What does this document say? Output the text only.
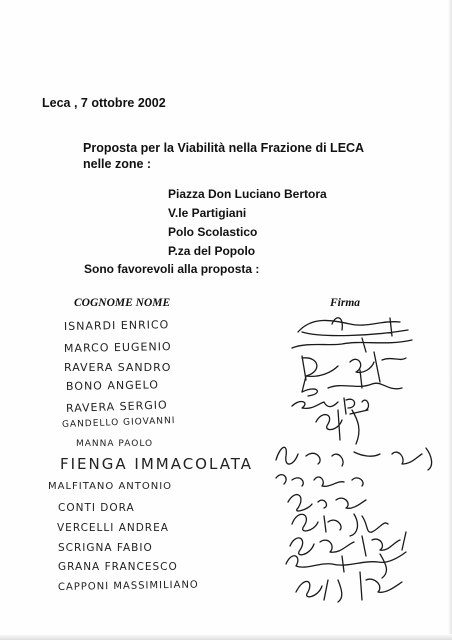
Leca , 7 ottobre 2002
Proposta per la Viabilità nella Frazione di LECA
nelle zone :
Piazza Don Luciano Bertora
V.le Partigiani
Polo Scolastico
P.za del Popolo
Sono favorevoli alla proposta :
COGNOME NOME	Firma
ISNARDI ENRICO
MARCO EUGENIO
RAVERA SANDRO
BONO ANGELO
RAVERA SERGIO
GANDELLO GIOVANNI
MANNA PAOLO
FIENGA IMMACOLATA
MALFITANO ANTONIO
CONTI DORA
VERCELLI ANDREA
SCRIGNA FABIO
GRANA FRANCESCO
CAPPONI MASSIMILIANO
